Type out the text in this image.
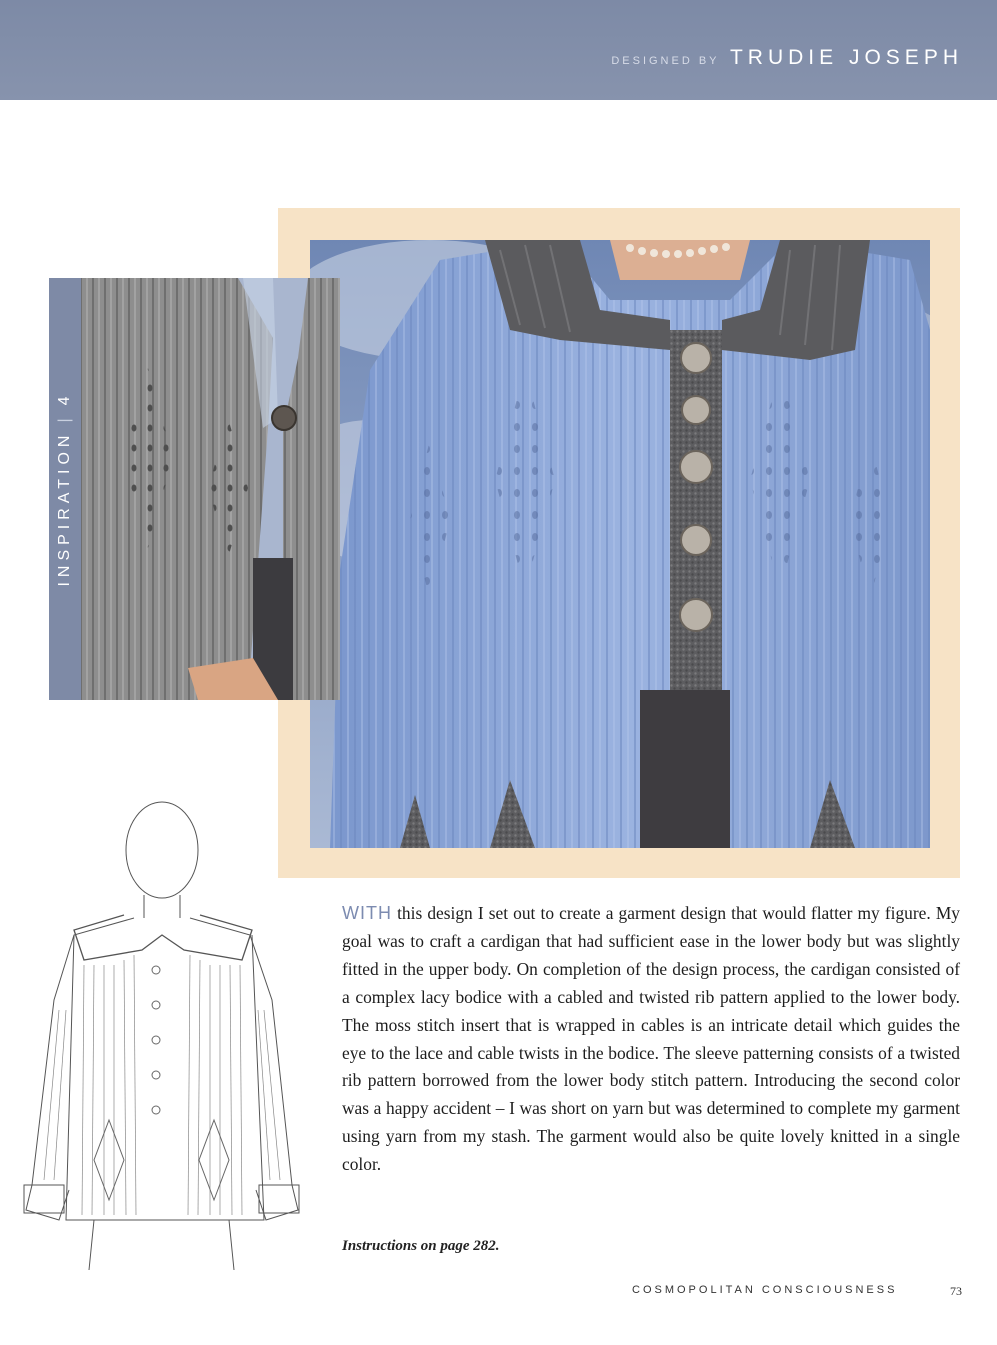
DESIGNED BY TRUDIE JOSEPH
INSPIRATION|4
WITH this design I set out to create a garment design that would flatter my figure. My goal was to craft a cardigan that had sufficient ease in the lower body but was slightly fitted in the upper body. On completion of the design process, the cardigan consisted of a complex lacy bodice with a cabled and twisted rib pattern applied to the lower body. The moss stitch insert that is wrapped in cables is an intricate detail which guides the eye to the lace and cable twists in the bodice. The sleeve patterning consists of a twisted rib pattern borrowed from the lower body stitch pattern. Introducing the second color was a happy accident – I was short on yarn but was determined to complete my garment using yarn from my stash. The garment would also be quite lovely knitted in a single color.
Instructions on page 282.
COSMOPOLITAN CONSCIOUSNESS	73
